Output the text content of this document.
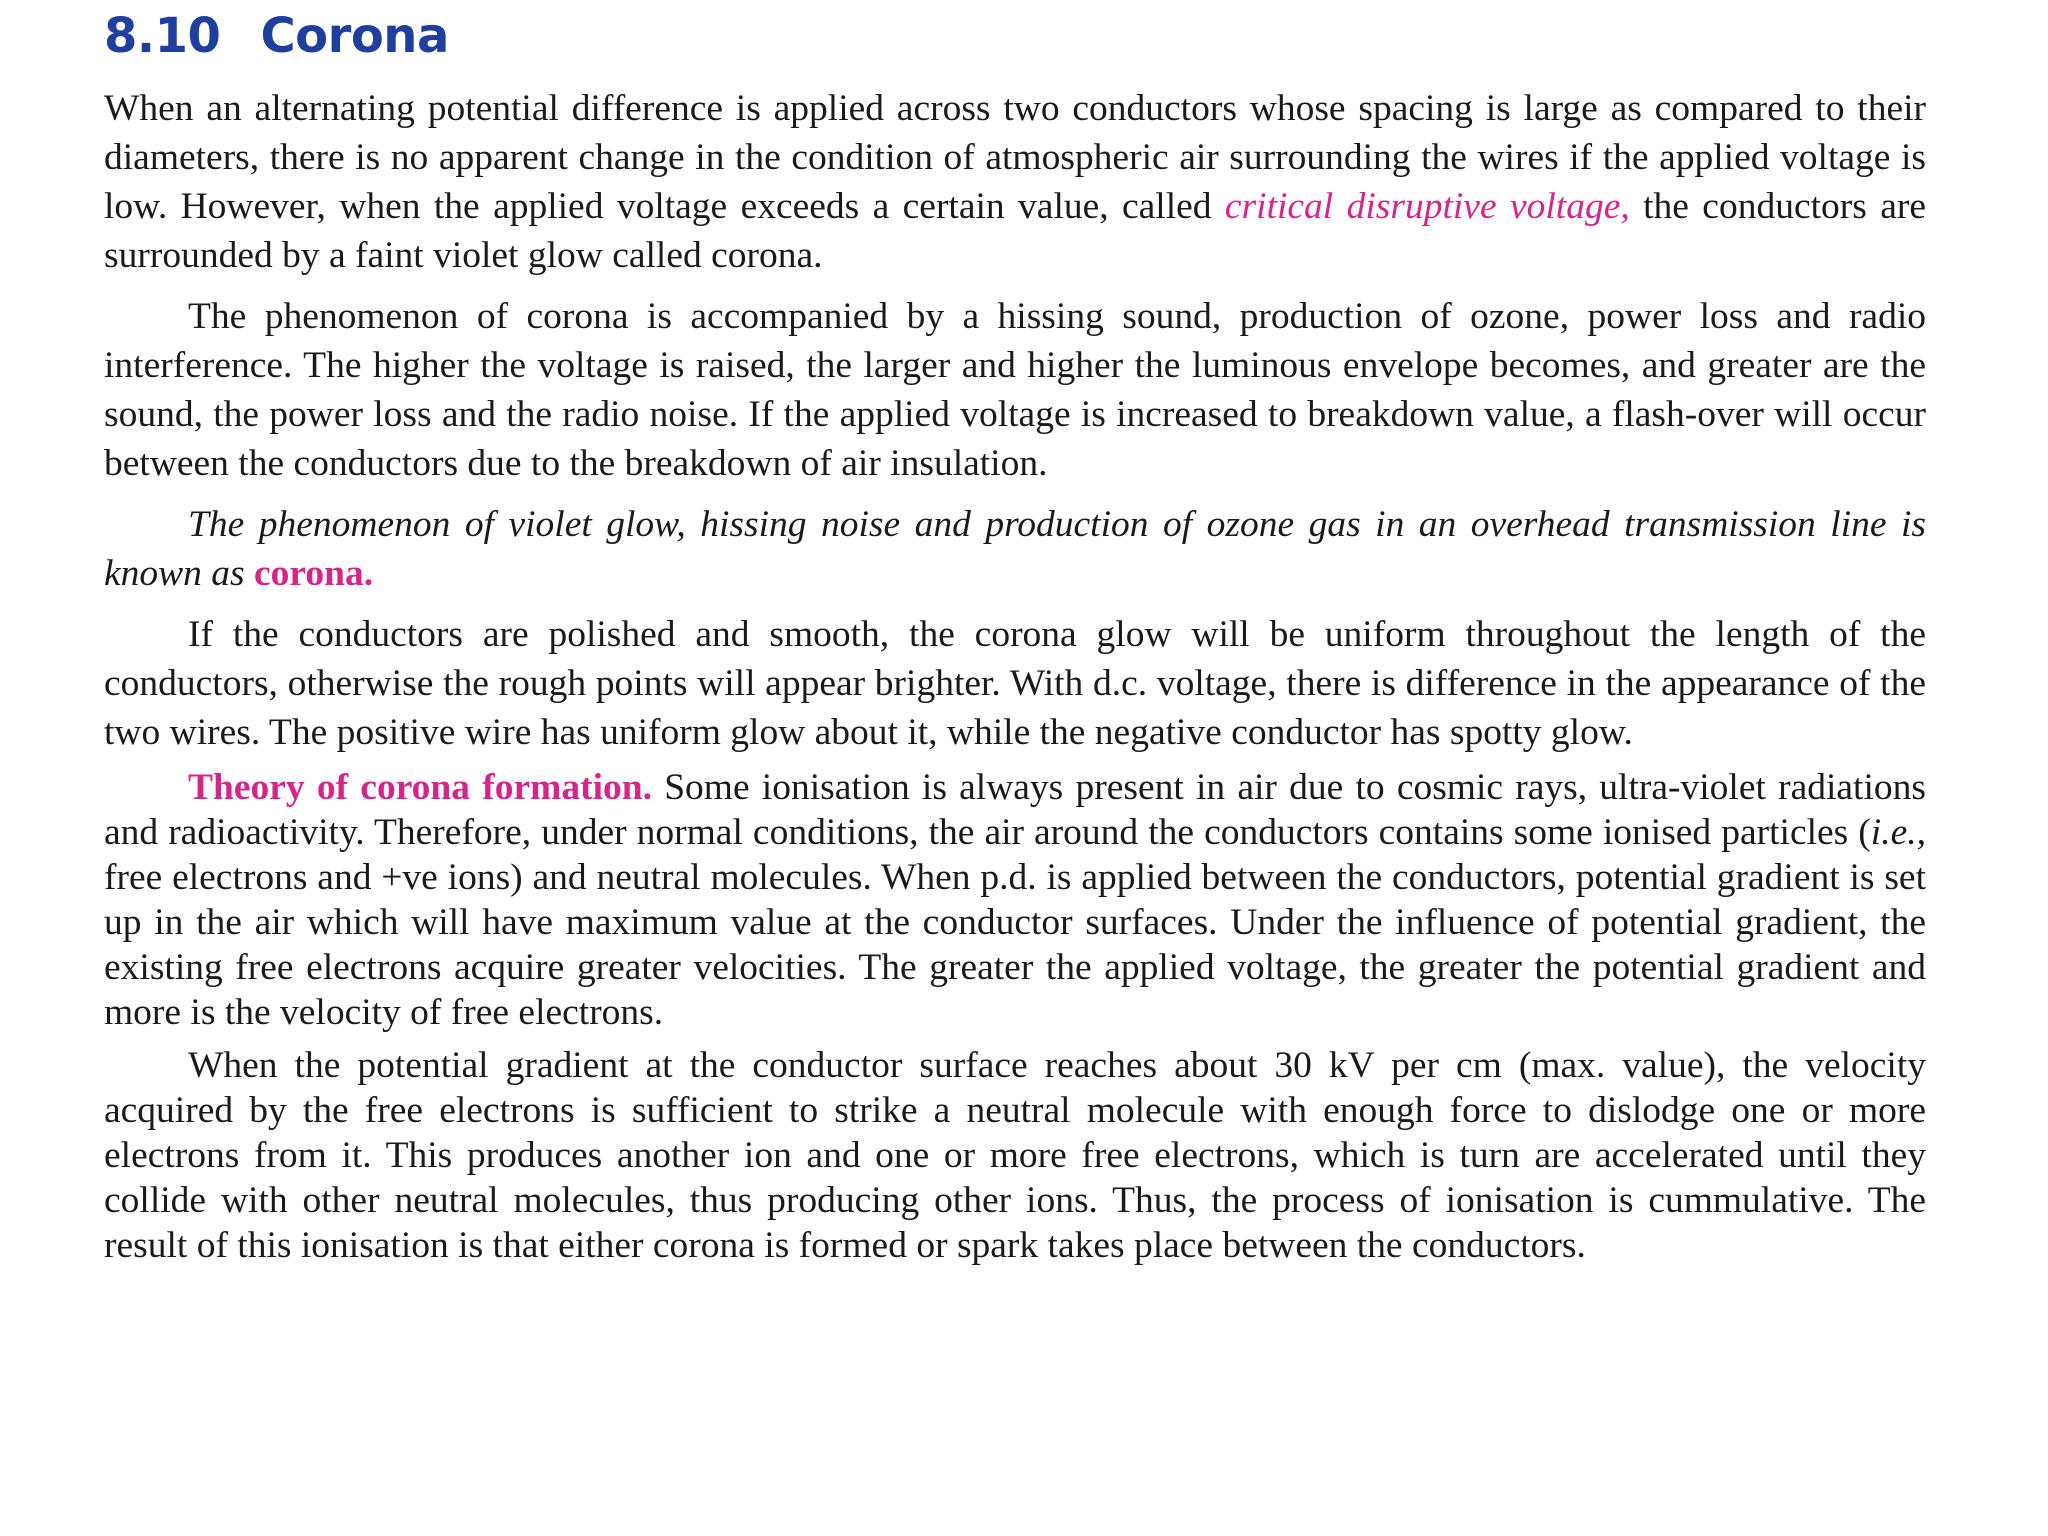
8.10 Corona

When an alternating potential difference is applied across two conductors whose spacing is large as compared to their diameters, there is no apparent change in the condition of atmospheric air surrounding the wires if the applied voltage is low. However, when the applied voltage exceeds a certain value, called critical disruptive voltage, the conductors are surrounded by a faint violet glow called corona.

The phenomenon of corona is accompanied by a hissing sound, production of ozone, power loss and radio interference. The higher the voltage is raised, the larger and higher the luminous envelope becomes, and greater are the sound, the power loss and the radio noise. If the applied voltage is increased to breakdown value, a flash-over will occur between the conductors due to the breakdown of air insulation.

The phenomenon of violet glow, hissing noise and production of ozone gas in an overhead transmission line is known as corona.

If the conductors are polished and smooth, the corona glow will be uniform throughout the length of the conductors, otherwise the rough points will appear brighter. With d.c. voltage, there is difference in the appearance of the two wires. The positive wire has uniform glow about it, while the negative conductor has spotty glow.

Theory of corona formation. Some ionisation is always present in air due to cosmic rays, ultra-violet radiations and radioactivity. Therefore, under normal conditions, the air around the conductors contains some ionised particles (i.e., free electrons and +ve ions) and neutral molecules. When p.d. is applied between the conductors, potential gradient is set up in the air which will have maximum value at the conductor surfaces. Under the influence of potential gradient, the existing free electrons acquire greater velocities. The greater the applied voltage, the greater the potential gradient and more is the velocity of free electrons.

When the potential gradient at the conductor surface reaches about 30 kV per cm (max. value), the velocity acquired by the free electrons is sufficient to strike a neutral molecule with enough force to dislodge one or more electrons from it. This produces another ion and one or more free electrons, which is turn are accelerated until they collide with other neutral molecules, thus producing other ions. Thus, the process of ionisation is cummulative. The result of this ionisation is that either corona is formed or spark takes place between the conductors.
